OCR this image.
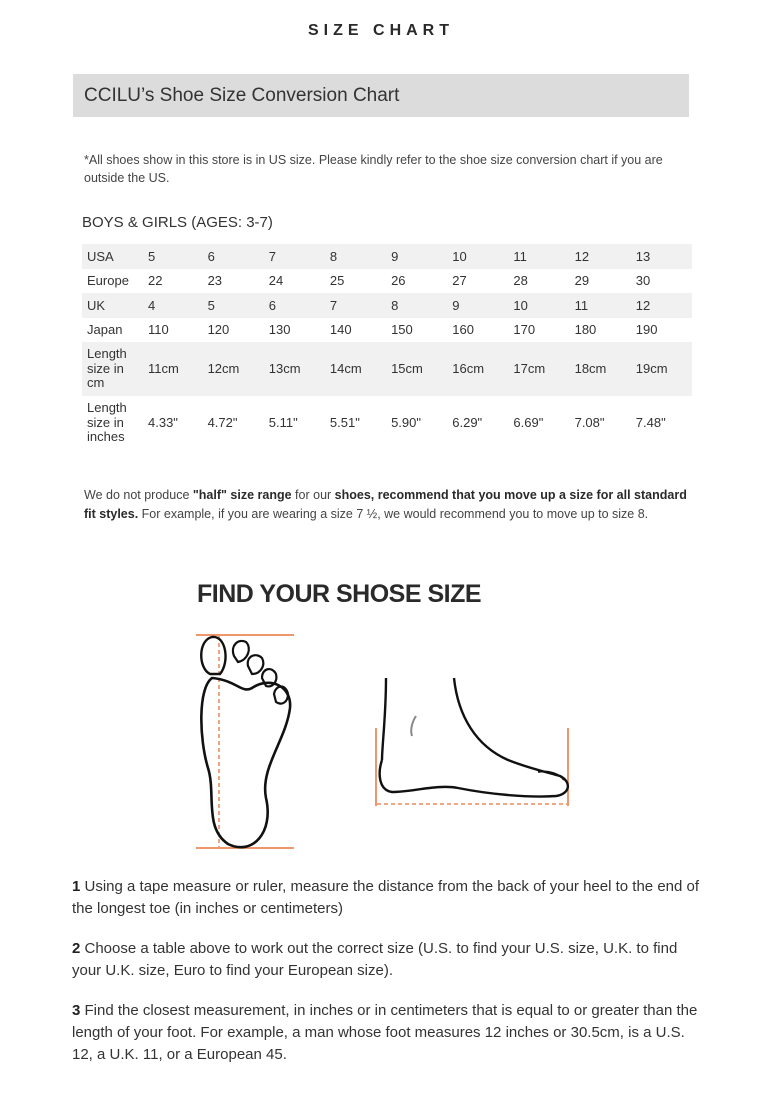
SIZE CHART
CCILU’s Shoe Size Conversion Chart
*All shoes show in this store is in US size. Please kindly refer to the shoe size conversion chart if you are outside the US.
BOYS & GIRLS (AGES: 3-7)
USA	5	6	7	8	9	10	11	12	13
Europe	22	23	24	25	26	27	28	29	30
UK	4	5	6	7	8	9	10	11	12
Japan	110	120	130	140	150	160	170	180	190
Length size in cm	11cm	12cm	13cm	14cm	15cm	16cm	17cm	18cm	19cm
Length size in inches	4.33"	4.72"	5.11"	5.51"	5.90"	6.29"	6.69"	7.08"	7.48"
We do not produce "half" size range for our shoes, recommend that you move up a size for all standard fit styles. For example, if you are wearing a size 7 ½, we would recommend you to move up to size 8.
FIND YOUR SHOSE SIZE
1 Using a tape measure or ruler, measure the distance from the back of your heel to the end of the longest toe (in inches or centimeters)
2 Choose a table above to work out the correct size (U.S. to find your U.S. size, U.K. to find your U.K. size, Euro to find your European size).
3 Find the closest measurement, in inches or in centimeters that is equal to or greater than the length of your foot. For example, a man whose foot measures 12 inches or 30.5cm, is a U.S. 12, a U.K. 11, or a European 45.
